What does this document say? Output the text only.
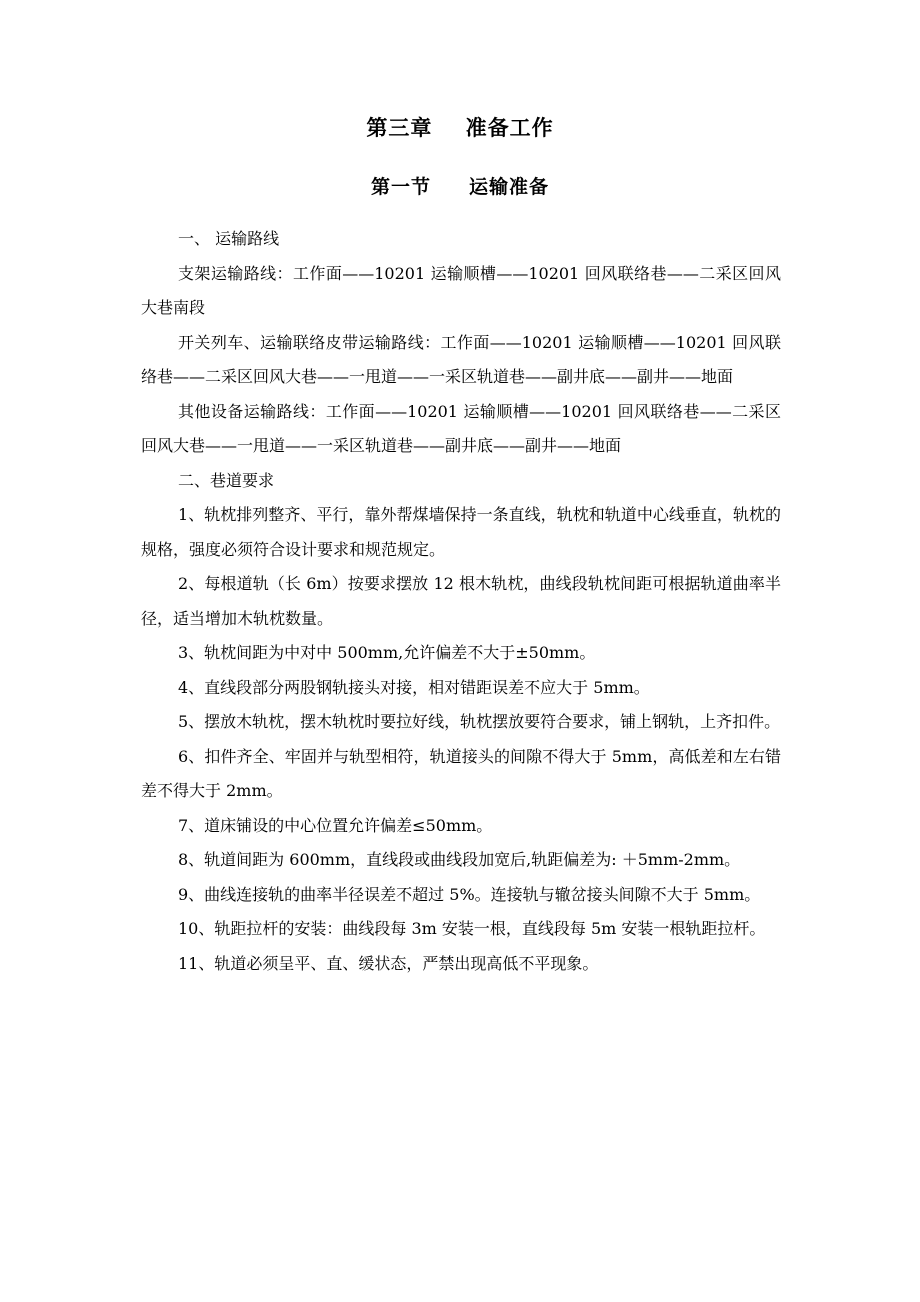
第三章    准备工作
第一节     运输准备

一、 运输路线

支架运输路线：工作面——10201 运输顺槽——10201 回风联络巷——二采区回风大巷南段

开关列车、运输联络皮带运输路线：工作面——10201 运输顺槽——10201 回风联络巷——二采区回风大巷——一甩道——一采区轨道巷——副井底——副井——地面

其他设备运输路线：工作面——10201 运输顺槽——10201 回风联络巷——二采区回风大巷——一甩道——一采区轨道巷——副井底——副井——地面

二、巷道要求

1、轨枕排列整齐、平行，靠外帮煤墙保持一条直线，轨枕和轨道中心线垂直，轨枕的规格，强度必须符合设计要求和规范规定。

2、每根道轨（长 6m）按要求摆放 12 根木轨枕，曲线段轨枕间距可根据轨道曲率半径，适当增加木轨枕数量。

3、轨枕间距为中对中 500mm,允许偏差不大于±50mm。

4、直线段部分两股钢轨接头对接，相对错距误差不应大于 5mm。

5、摆放木轨枕，摆木轨枕时要拉好线，轨枕摆放要符合要求，铺上钢轨，上齐扣件。

6、扣件齐全、牢固并与轨型相符，轨道接头的间隙不得大于 5mm，高低差和左右错差不得大于 2mm。

7、道床铺设的中心位置允许偏差≤50mm。

8、轨道间距为 600mm，直线段或曲线段加宽后,轨距偏差为: ＋5mm-2mm。

9、曲线连接轨的曲率半径误差不超过 5%。连接轨与辙岔接头间隙不大于 5mm。

10、轨距拉杆的安装：曲线段每 3m 安装一根，直线段每 5m 安装一根轨距拉杆。

11、轨道必须呈平、直、缓状态，严禁出现高低不平现象。
